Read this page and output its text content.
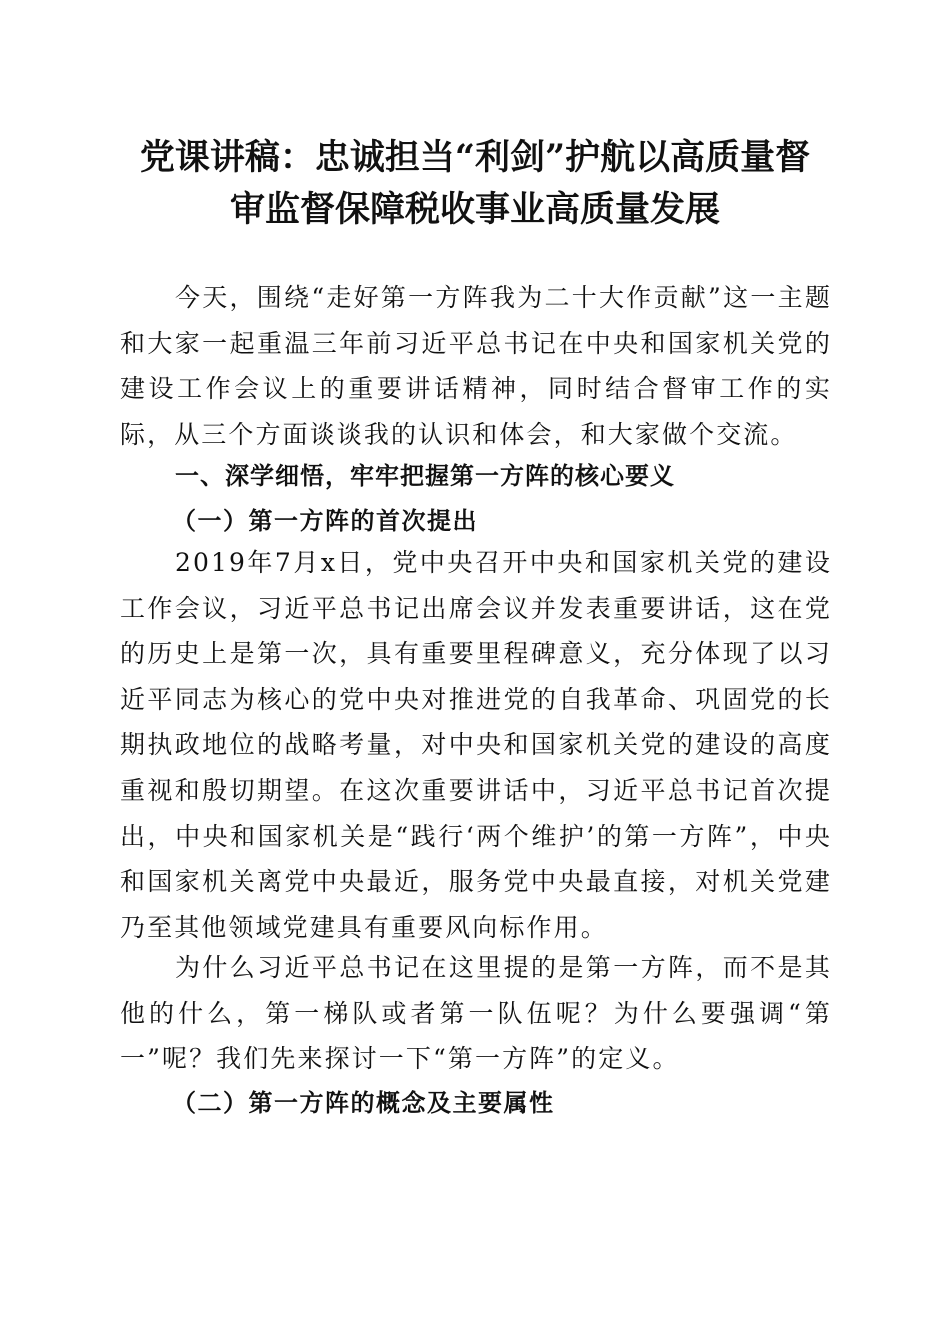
党课讲稿：忠诚担当“利剑”护航以高质量督
审监督保障税收事业高质量发展

今天，围绕“走好第一方阵我为二十大作贡献”这一主题和大家一起重温三年前习近平总书记在中央和国家机关党的建设工作会议上的重要讲话精神，同时结合督审工作的实际，从三个方面谈谈我的认识和体会，和大家做个交流。

一、深学细悟，牢牢把握第一方阵的核心要义
（一）第一方阵的首次提出

2019年7月x日，党中央召开中央和国家机关党的建设工作会议，习近平总书记出席会议并发表重要讲话，这在党的历史上是第一次，具有重要里程碑意义，充分体现了以习近平同志为核心的党中央对推进党的自我革命、巩固党的长期执政地位的战略考量，对中央和国家机关党的建设的高度重视和殷切期望。在这次重要讲话中，习近平总书记首次提出，中央和国家机关是“践行‘两个维护’的第一方阵”，中央和国家机关离党中央最近，服务党中央最直接，对机关党建乃至其他领域党建具有重要风向标作用。

为什么习近平总书记在这里提的是第一方阵，而不是其他的什么，第一梯队或者第一队伍呢？为什么要强调“第一”呢？我们先来探讨一下“第一方阵”的定义。

（二）第一方阵的概念及主要属性
